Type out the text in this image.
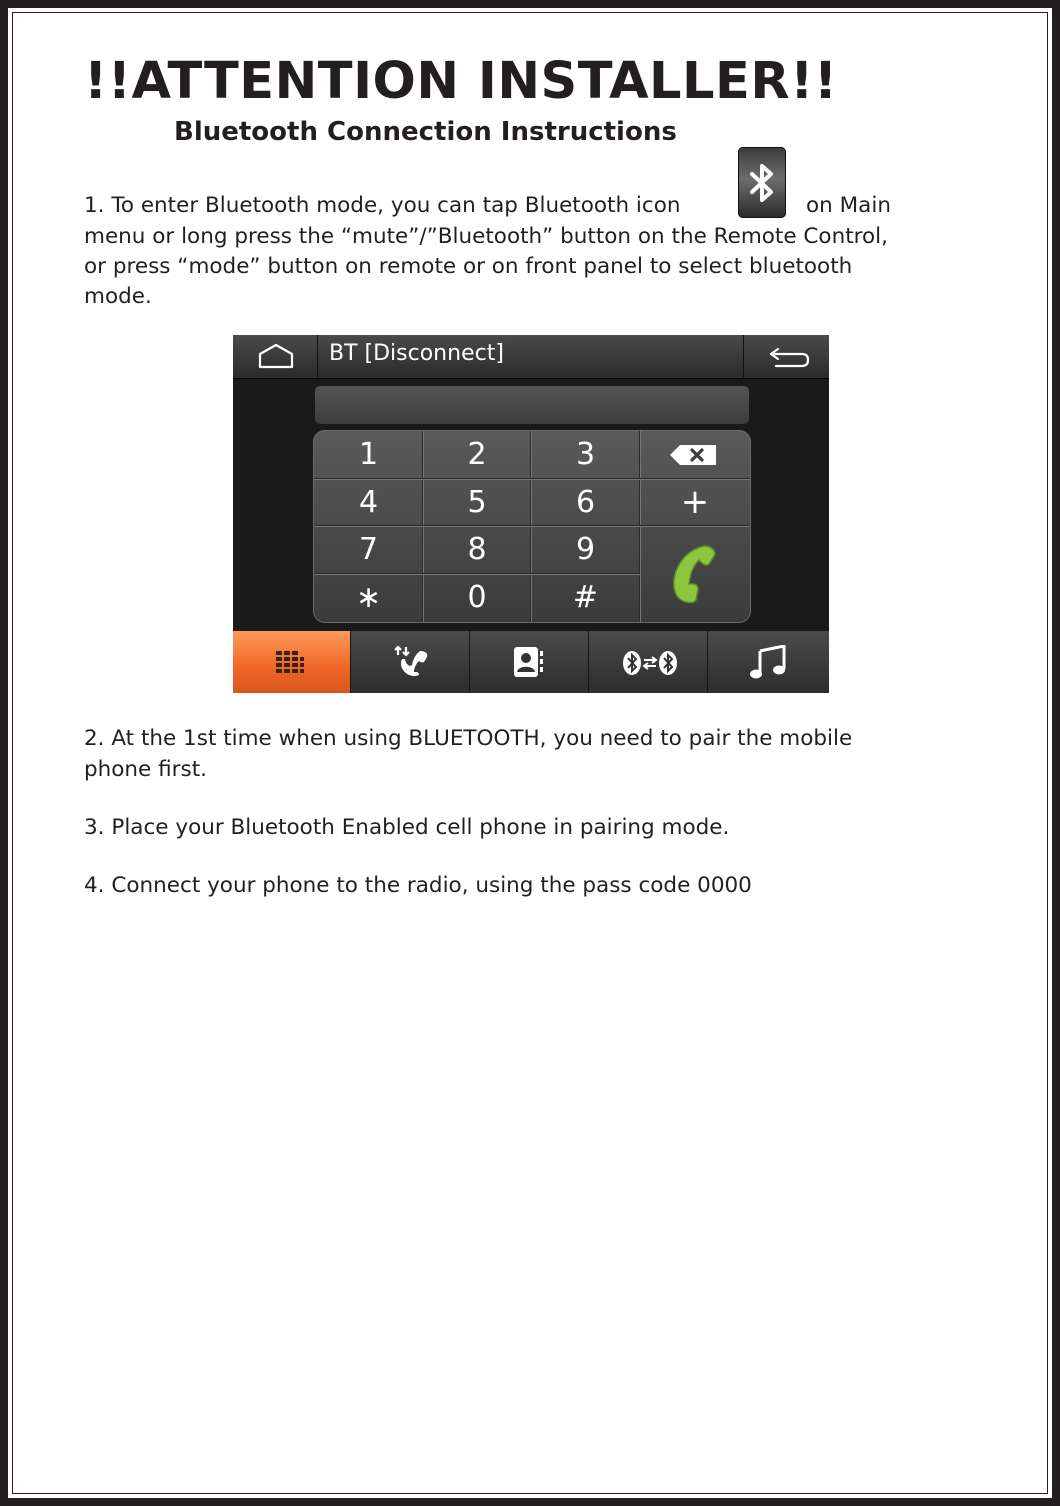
!!ATTENTION INSTALLER!!
Bluetooth Connection Instructions

1. To enter Bluetooth mode, you can tap Bluetooth icon	on Main

menu or long press the “mute”/”Bluetooth” button on the Remote Control,

or press “mode” button on remote or on front panel to select bluetooth

mode.

BT [Disconnect]
1	2	3
4	5	6	+
7	8	9
∗	0	#

2. At the 1st time when using BLUETOOTH, you need to pair the mobile

phone first.

3. Place your Bluetooth Enabled cell phone in pairing mode.

4. Connect your phone to the radio, using the pass code 0000
